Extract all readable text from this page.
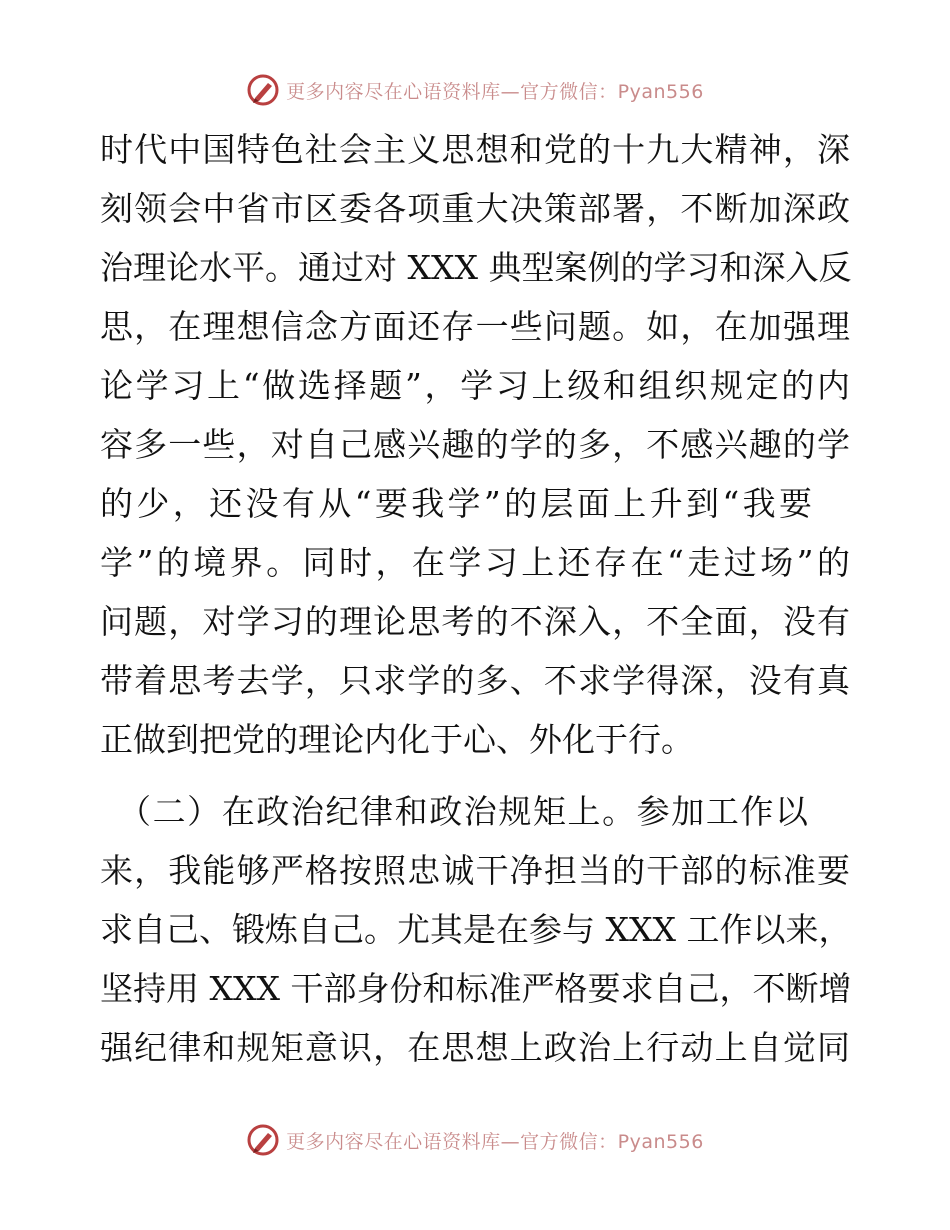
更多内容尽在心语资料库—官方微信：Pyan556
时代中国特色社会主义思想和党的十九大精神，深
刻领会中省市区委各项重大决策部署，不断加深政
治理论水平。通过对 XXX 典型案例的学习和深入反
思，在理想信念方面还存一些问题。如，在加强理
论学习上“做选择题”，学习上级和组织规定的内
容多一些，对自己感兴趣的学的多，不感兴趣的学
的少，还没有从“要我学”的层面上升到“我要
学”的境界。同时，在学习上还存在“走过场”的
问题，对学习的理论思考的不深入，不全面，没有
带着思考去学，只求学的多、不求学得深，没有真
正做到把党的理论内化于心、外化于行。
（二）在政治纪律和政治规矩上。参加工作以
来，我能够严格按照忠诚干净担当的干部的标准要
求自己、锻炼自己。尤其是在参与 XXX 工作以来，
坚持用 XXX 干部身份和标准严格要求自己，不断增
强纪律和规矩意识，在思想上政治上行动上自觉同
更多内容尽在心语资料库—官方微信：Pyan556
